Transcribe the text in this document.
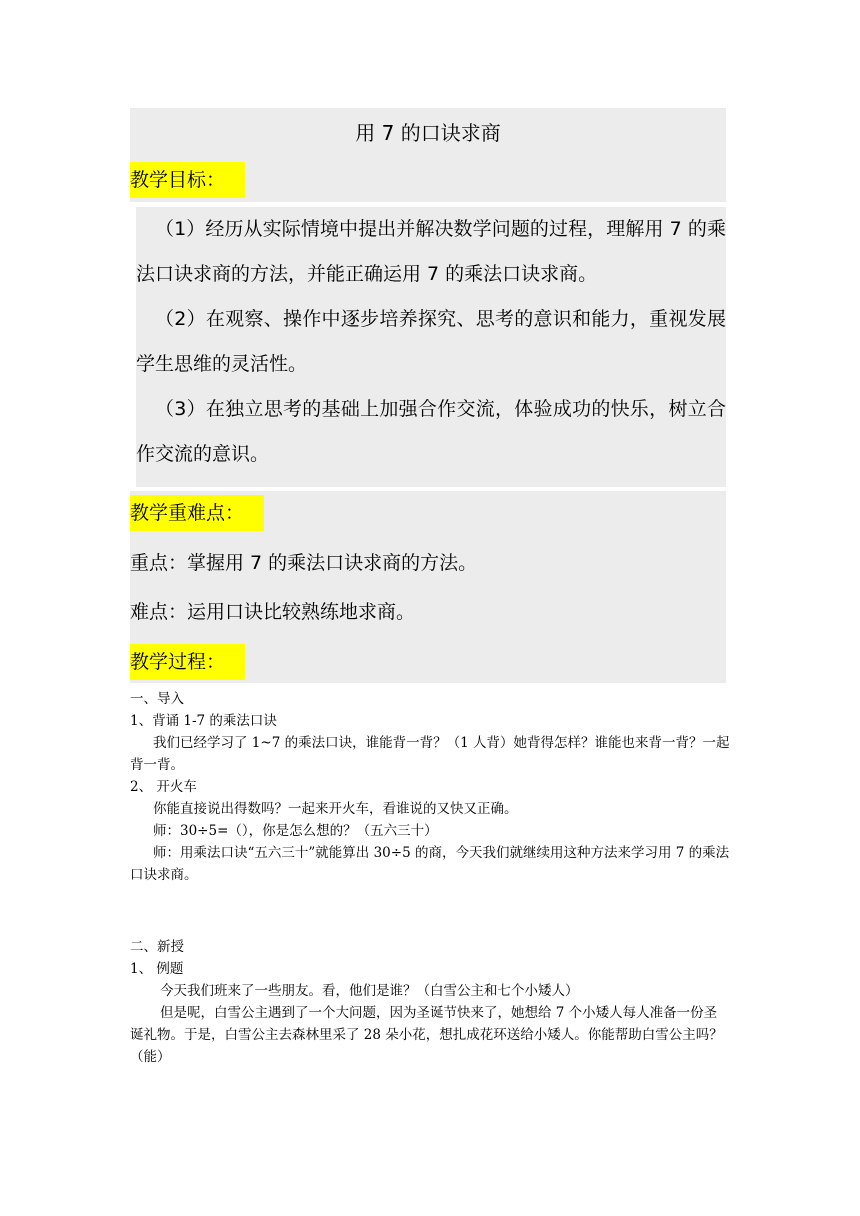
用 7 的口诀求商
教学目标：

（1）经历从实际情境中提出并解决数学问题的过程，理解用 7 的乘法口诀求商的方法，并能正确运用 7 的乘法口诀求商。

（2）在观察、操作中逐步培养探究、思考的意识和能力，重视发展学生思维的灵活性。

（3）在独立思考的基础上加强合作交流，体验成功的快乐，树立合作交流的意识。

教学重难点：
重点：掌握用 7 的乘法口诀求商的方法。
难点：运用口诀比较熟练地求商。
教学过程：

一、导入

1、背诵 1-7 的乘法口诀

我们已经学习了 1~7 的乘法口诀，谁能背一背？（1 人背）她背得怎样？谁能也来背一背？一起背一背。

2、 开火车

你能直接说出得数吗？一起来开火车，看谁说的又快又正确。

师：30÷5=（），你是怎么想的？（五六三十）

师：用乘法口诀“五六三十”就能算出 30÷5 的商，今天我们就继续用这种方法来学习用 7 的乘法口诀求商。

二、新授

1、 例题

今天我们班来了一些朋友。看，他们是谁？（白雪公主和七个小矮人）

但是呢，白雪公主遇到了一个大问题，因为圣诞节快来了，她想给 7 个小矮人每人准备一份圣诞礼物。于是，白雪公主去森林里采了 28 朵小花，想扎成花环送给小矮人。你能帮助白雪公主吗？（能）
